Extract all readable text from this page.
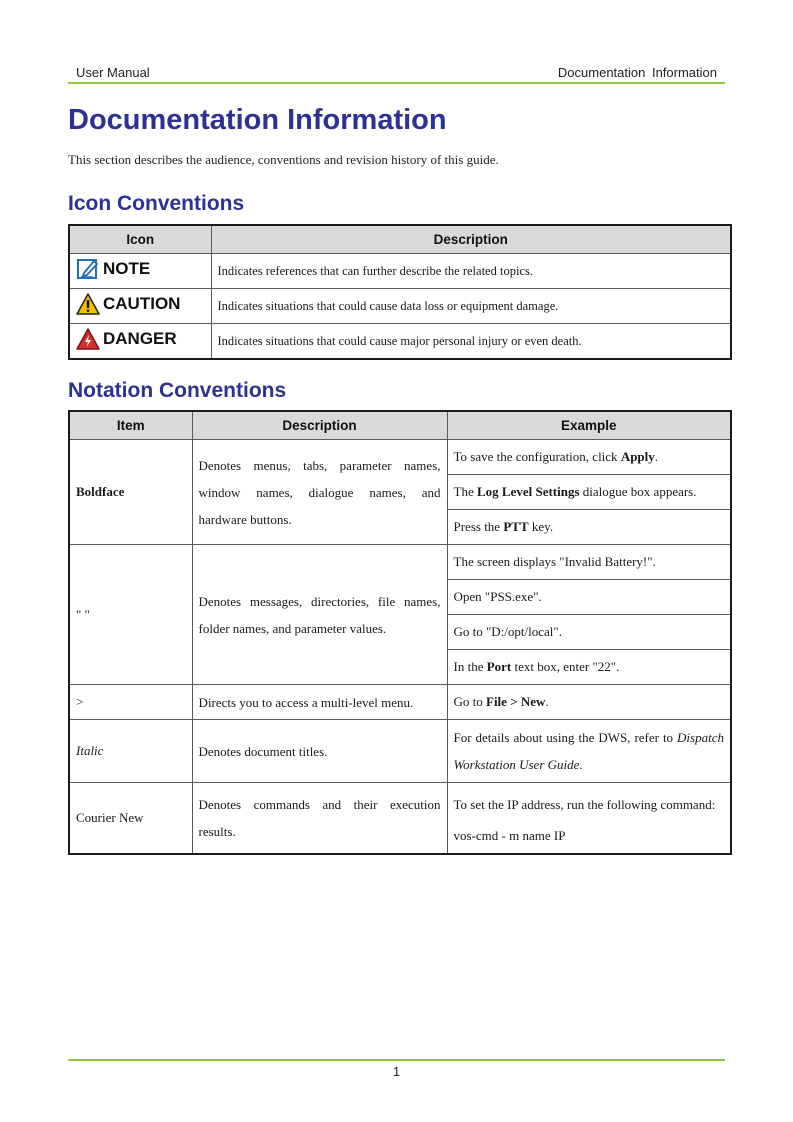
User Manual	Documentation Information
Documentation Information
This section describes the audience, conventions and revision history of this guide.
Icon Conventions
Icon	Description

NOTE	Indicates references that can further describe the related topics.

CAUTION	Indicates situations that could cause data loss or equipment damage.

DANGER	Indicates situations that could cause major personal injury or even death.
Notation Conventions
Item	Description	Example
Boldface	Denotes menus, tabs, parameter names, window names, dialogue names, and hardware buttons.	To save the configuration, click Apply.
		The Log Level Settings dialogue box appears.
		Press the PTT key.
" "	Denotes messages, directories, file names, folder names, and parameter values.	The screen displays "Invalid Battery!".
		Open "PSS.exe".
		Go to "D:/opt/local".
		In the Port text box, enter "22".
>	Directs you to access a multi-level menu.	Go to File > New.
Italic	Denotes document titles.	For details about using the DWS, refer to Dispatch Workstation User Guide.
Courier New	Denotes commands and their execution results.	To set the IP address, run the following command:
vos-cmd - m name IP
1
